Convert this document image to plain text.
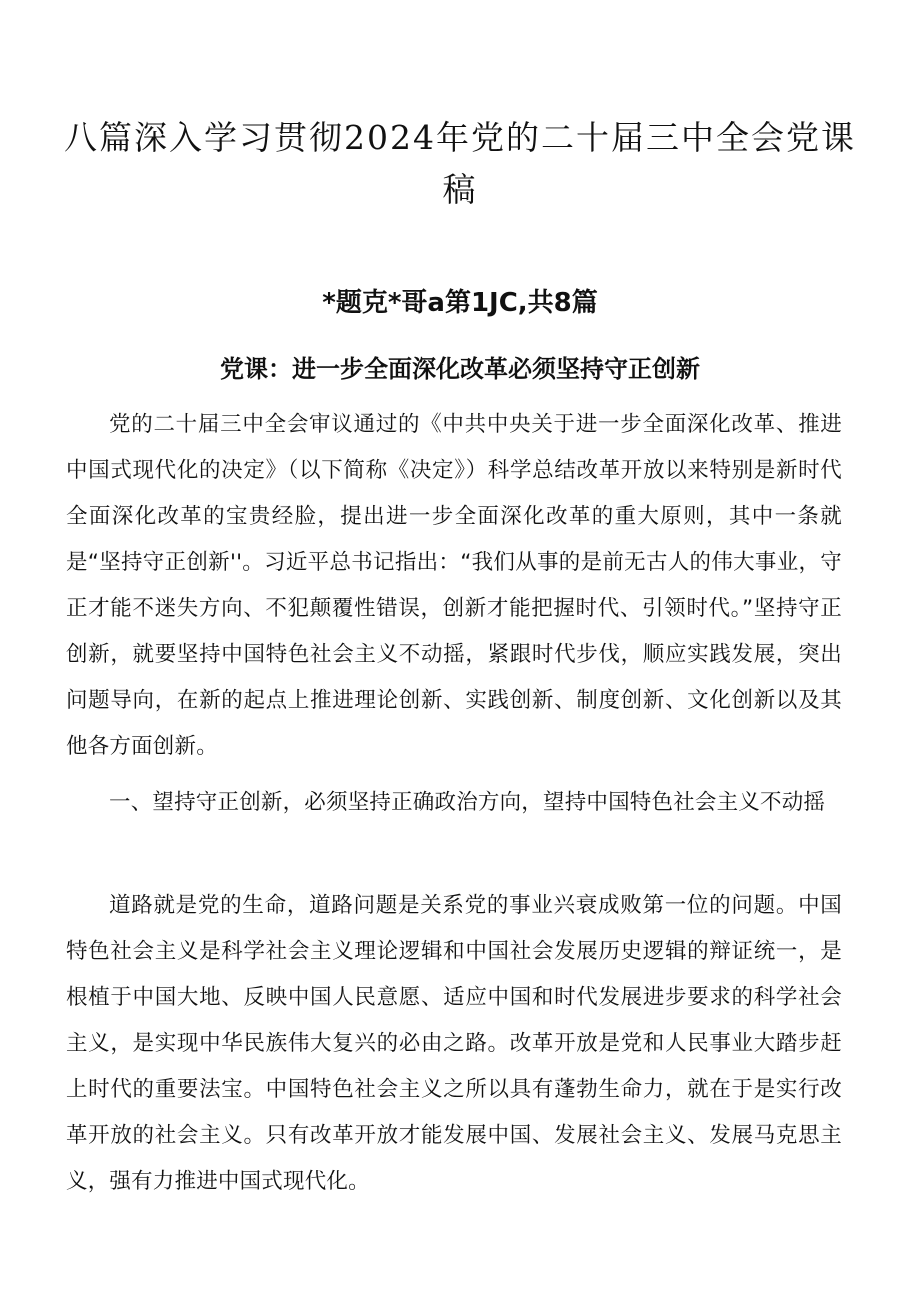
八篇深入学习贯彻2024年党的二十届三中全会党课稿
*题克*哥a第1JC,共8篇
党课：进一步全面深化改革必须坚持守正创新

党的二十届三中全会审议通过的《中共中央关于进一步全面深化改革、推进中国式现代化的决定》（以下简称《决定》）科学总结改革开放以来特别是新时代全面深化改革的宝贵经脸，提出进一步全面深化改革的重大原则，其中一条就是“坚持守正创新''。习近平总书记指出：“我们从事的是前无古人的伟大事业，守正才能不迷失方向、不犯颠覆性错误，创新才能把握时代、引领时代。”坚持守正创新，就要坚持中国特色社会主义不动摇，紧跟时代步伐，顺应实践发展，突出问题导向，在新的起点上推进理论创新、实践创新、制度创新、文化创新以及其他各方面创新。

一、望持守正创新，必须坚持正确政治方向，望持中国特色社会主义不动摇

道路就是党的生命，道路问题是关系党的事业兴衰成败第一位的问题。中国特色社会主义是科学社会主义理论逻辑和中国社会发展历史逻辑的辩证统一，是根植于中国大地、反映中国人民意愿、适应中国和时代发展进步要求的科学社会主义，是实现中华民族伟大复兴的必由之路。改革开放是党和人民事业大踏步赶上时代的重要法宝。中国特色社会主义之所以具有蓬勃生命力，就在于是实行改革开放的社会主义。只有改革开放才能发展中国、发展社会主义、发展马克思主义，强有力推进中国式现代化。
